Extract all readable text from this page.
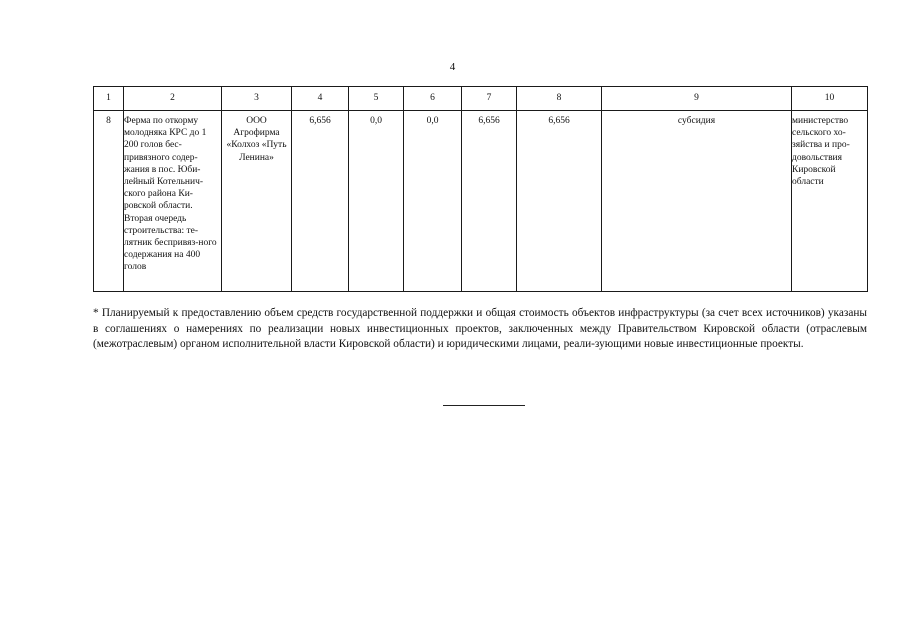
4
1	2	3	4	5	6	7	8	9	10
8	Ферма по откорму молодняка КРС до 1 200 голов бес-привязного содер-жания в пос. Юби-лейный Котельнич-ского района Ки-ровской области. Вторая очередь строительства: те-лятник беспривяз-ного содержания на 400 голов	ООО Агрофирма «Колхоз «Путь Ленина»	6,656	0,0	0,0	6,656	6,656	субсидия	министерство сельского хо-зяйства и про-довольствия Кировской области
* Планируемый к предоставлению объем средств государственной поддержки и общая стоимость объектов инфраструктуры (за счет всех источников) указаны в соглашениях о намерениях по реализации новых инвестиционных проектов, заключенных между Правительством Кировской области (отраслевым (межотраслевым) органом исполнительной власти Кировской области) и юридическими лицами, реали-зующими новые инвестиционные проекты.
